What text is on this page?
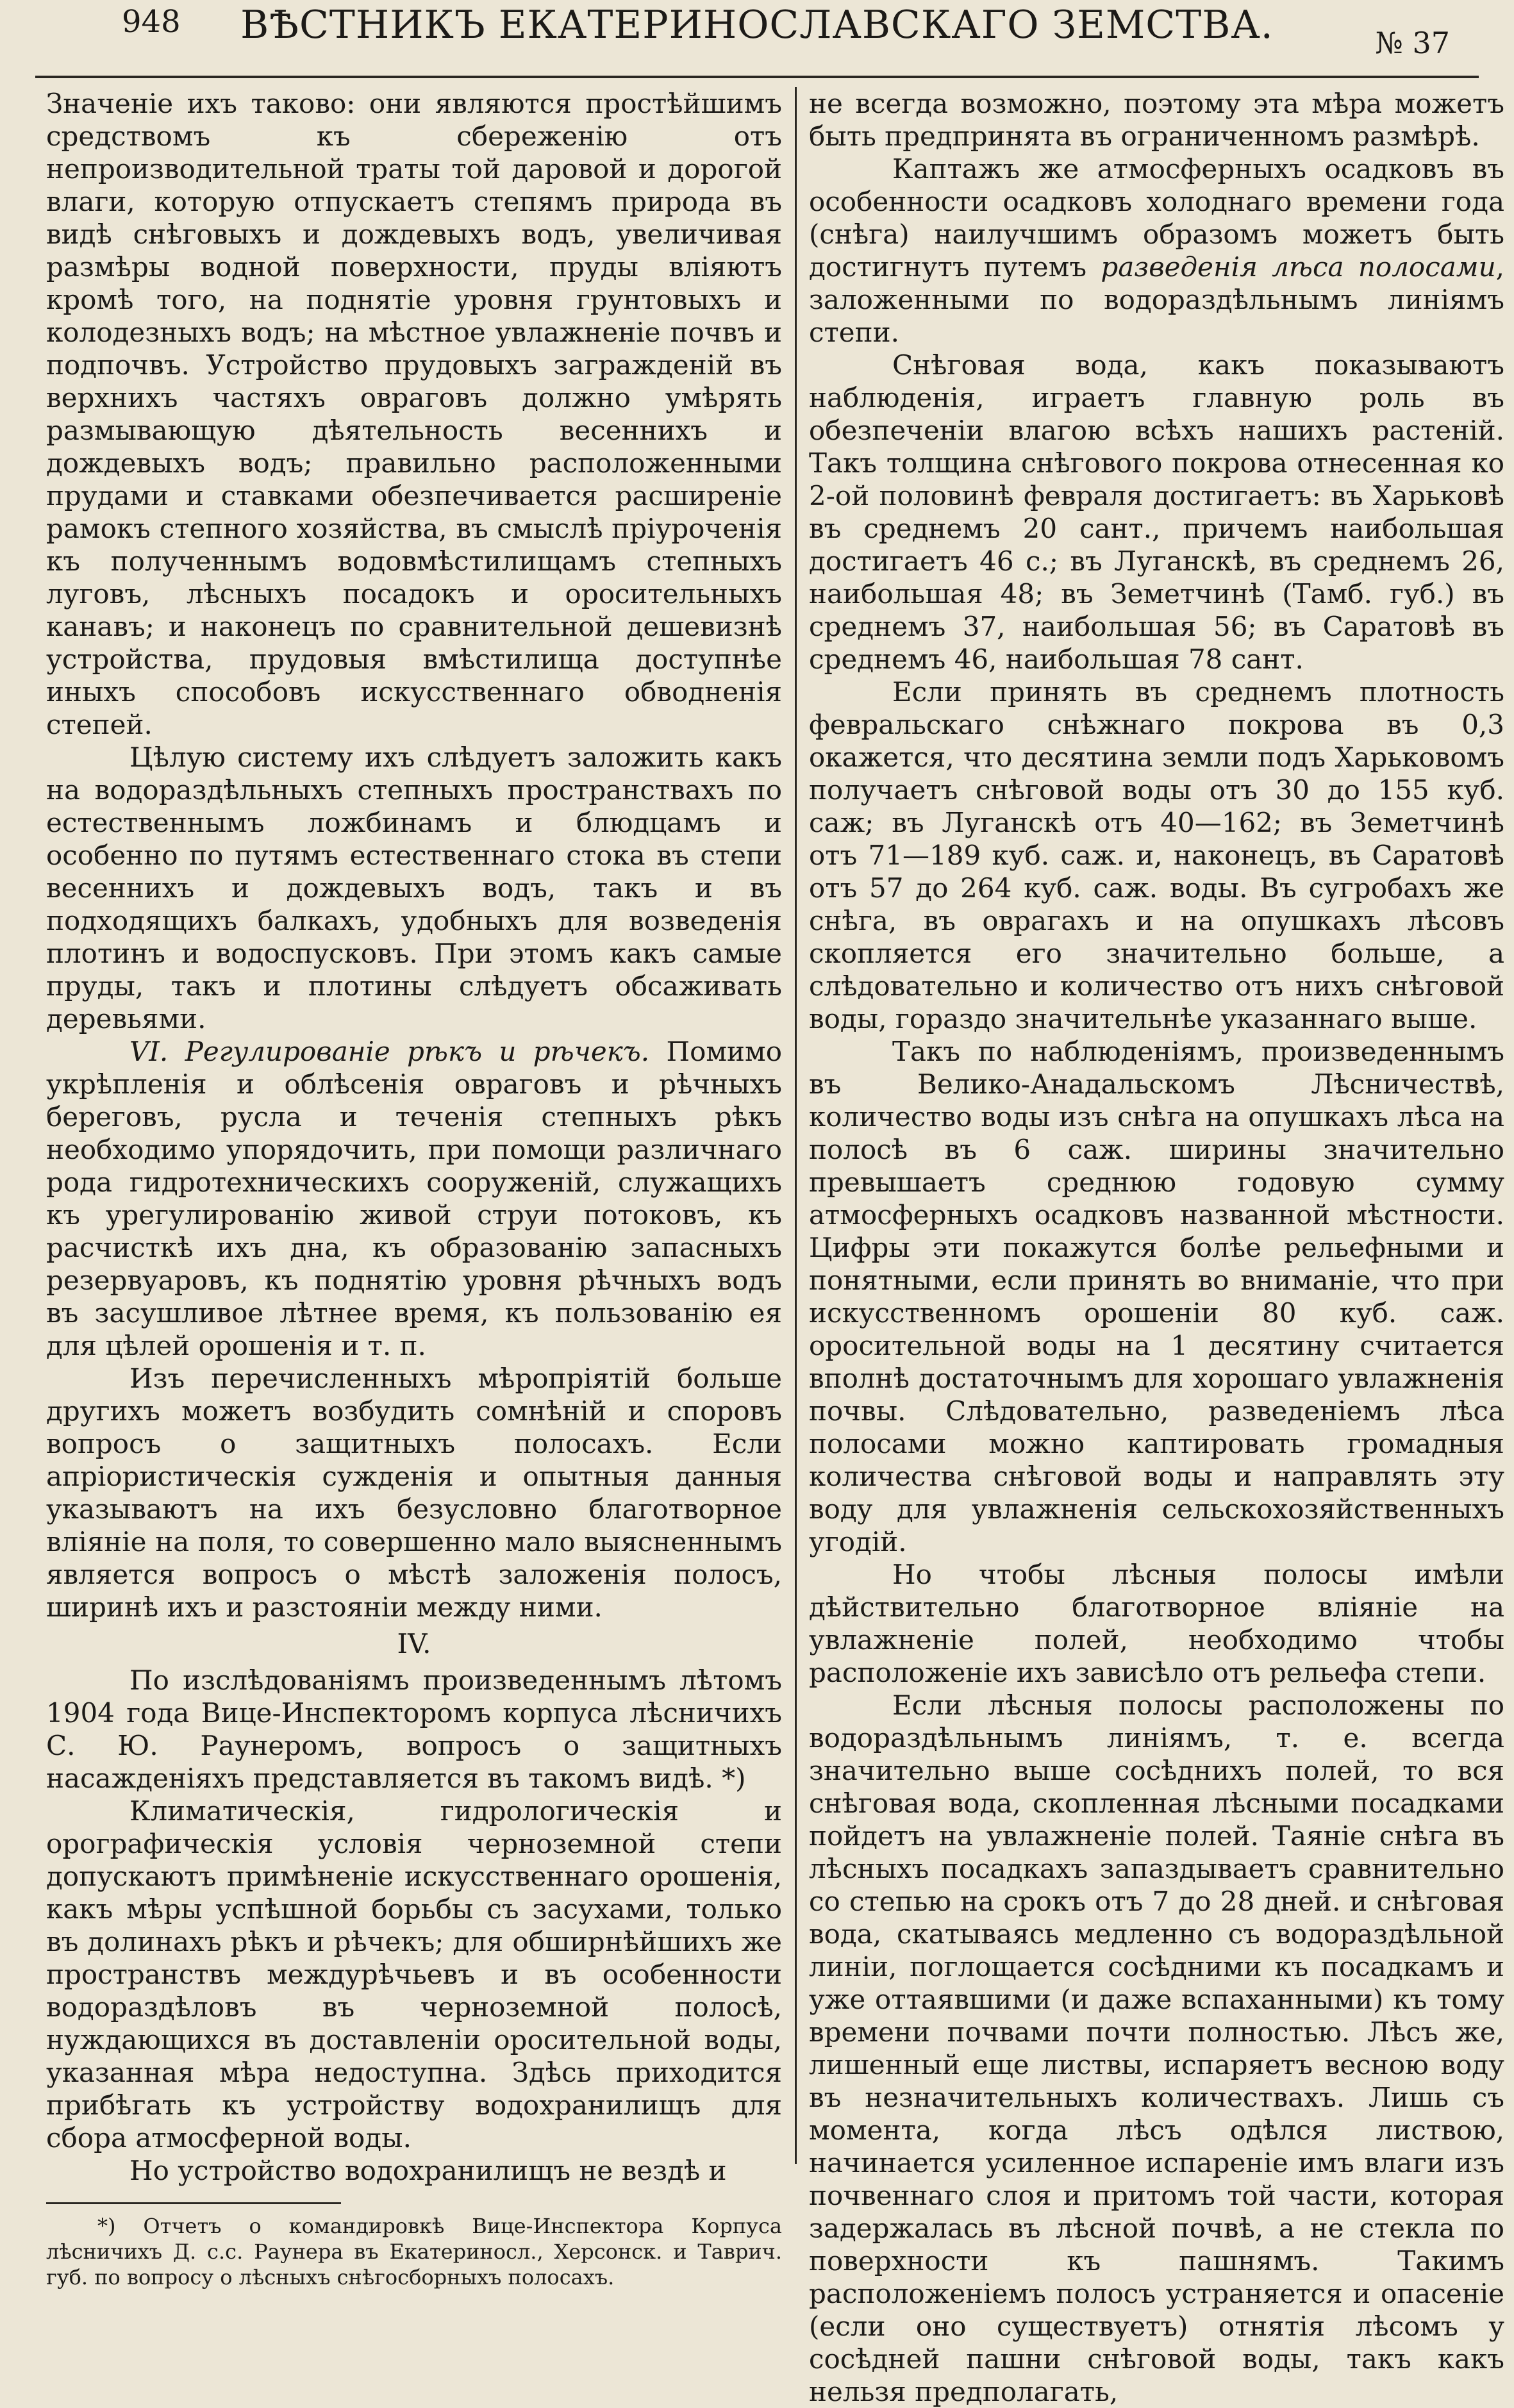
948	ВѢСТНИКЪ ЕКАТЕРИНОСЛАВСКАГО ЗЕМСТВА.	№ 37

Значенiе ихъ таково: они являются простѣйшимъ средствомъ къ сбереженiю отъ непроизводительной траты той даровой и дорогой влаги, которую отпускаетъ степямъ природа въ видѣ снѣговыхъ и дождевыхъ водъ, увеличивая размѣры водной поверхности, пруды влiяютъ кромѣ того, на поднятiе уровня грунтовыхъ и колодезныхъ водъ; на мѣстное увлажненiе почвъ и подпочвъ. Устройство прудовыхъ загражденiй въ верхнихъ частяхъ овраговъ должно умѣрять размывающую дѣятельность весеннихъ и дождевыхъ водъ; правильно расположенными прудами и ставками обезпечивается расширенiе рамокъ степного хозяйства, въ смыслѣ прiуроченiя къ полученнымъ водовмѣстилищамъ степныхъ луговъ, лѣсныхъ посадокъ и оросительныхъ канавъ; и наконецъ по сравнительной дешевизнѣ устройства, прудовыя вмѣстилища доступнѣе иныхъ способовъ искусственнаго обводненiя степей.

Цѣлую систему ихъ слѣдуетъ заложить какъ на водораздѣльныхъ степныхъ пространствахъ по естественнымъ ложбинамъ и блюдцамъ и особенно по путямъ естественнаго стока въ степи весеннихъ и дождевыхъ водъ, такъ и въ подходящихъ балкахъ, удобныхъ для возведенiя плотинъ и водоспусковъ. При этомъ какъ самые пруды, такъ и плотины слѣдуетъ обсаживать деревьями.

VI. Регулированiе рѣкъ и рѣчекъ. Помимо укрѣпленiя и облѣсенiя овраговъ и рѣчныхъ береговъ, русла и теченiя степныхъ рѣкъ необходимо упорядочить, при помощи различнаго рода гидротехническихъ сооруженiй, служащихъ къ урегулированiю живой струи потоковъ, къ расчисткѣ ихъ дна, къ образованiю запасныхъ резервуаровъ, къ поднятiю уровня рѣчныхъ водъ въ засушливое лѣтнее время, къ пользованiю ея для цѣлей орошенiя и т. п.

Изъ перечисленныхъ мѣропрiятiй больше другихъ можетъ возбудить сомнѣнiй и споровъ вопросъ о защитныхъ полосахъ. Если апрiористическiя сужденiя и опытныя данныя указываютъ на ихъ безусловно благотворное влiянiе на поля, то совершенно мало выясненнымъ является вопросъ о мѣстѣ заложенiя полосъ, ширинѣ ихъ и разстоянiи между ними.

IV.

По изслѣдованiямъ произведеннымъ лѣтомъ 1904 года Вице-Инспекторомъ корпуса лѣсничихъ С. Ю. Раунеромъ, вопросъ о защитныхъ насажденiяхъ представляется въ такомъ видѣ. *)

Климатическiя, гидрологическiя и орографическiя условiя черноземной степи допускаютъ примѣненiе искусственнаго орошенiя, какъ мѣры успѣшной борьбы съ засухами, только въ долинахъ рѣкъ и рѣчекъ; для обширнѣйшихъ же пространствъ междурѣчьевъ и въ особенности водораздѣловъ въ черноземной полосѣ, нуждающихся въ доставленiи оросительной воды, указанная мѣра недоступна. Здѣсь приходится прибѣгать къ устройству водохранилищъ для сбора атмосферной воды.

Но устройство водохранилищъ не вездѣ и

*) Отчетъ о командировкѣ Вице-Инспектора Корпуса лѣсничихъ Д. с.с. Раунера въ Екатериносл., Херсонск. и Таврич. губ. по вопросу о лѣсныхъ снѣгосборныхъ полосахъ.

не всегда возможно, поэтому эта мѣра можетъ быть предпринята въ ограниченномъ размѣрѣ.

Каптажъ же атмосферныхъ осадковъ въ особенности осадковъ холоднаго времени года (снѣга) наилучшимъ образомъ можетъ быть достигнутъ путемъ разведенiя лѣса полосами, заложенными по водораздѣльнымъ линiямъ степи.

Снѣговая вода, какъ показываютъ наблюденiя, играетъ главную роль въ обезпеченiи влагою всѣхъ нашихъ растенiй. Такъ толщина снѣгового покрова отнесенная ко 2-ой половинѣ февраля достигаетъ: въ Харьковѣ въ среднемъ 20 сант., причемъ наибольшая достигаетъ 46 с.; въ Луганскѣ, въ среднемъ 26, наибольшая 48; въ Земетчинѣ (Тамб. губ.) въ среднемъ 37, наибольшая 56; въ Саратовѣ въ среднемъ 46, наибольшая 78 сант.

Если принять въ среднемъ плотность февральскаго снѣжнаго покрова въ 0,3 окажется, что десятина земли подъ Харьковомъ получаетъ снѣговой воды отъ 30 до 155 куб. саж; въ Луганскѣ отъ 40—162; въ Земетчинѣ отъ 71—189 куб. саж. и, наконецъ, въ Саратовѣ отъ 57 до 264 куб. саж. воды. Въ сугробахъ же снѣга, въ оврагахъ и на опушкахъ лѣсовъ скопляется его значительно больше, а слѣдовательно и количество отъ нихъ снѣговой воды, гораздо значительнѣе указаннаго выше.

Такъ по наблюденiямъ, произведеннымъ въ Велико-Анадальскомъ Лѣсничествѣ, количество воды изъ снѣга на опушкахъ лѣса на полосѣ въ 6 саж. ширины значительно превышаетъ среднюю годовую сумму атмосферныхъ осадковъ названной мѣстности. Цифры эти покажутся болѣе рельефными и понятными, если принять во вниманiе, что при искусственномъ орошенiи 80 куб. саж. оросительной воды на 1 десятину считается вполнѣ достаточнымъ для хорошаго увлажненiя почвы. Слѣдовательно, разведенiемъ лѣса полосами можно каптировать громадныя количества снѣговой воды и направлять эту воду для увлажненiя сельскохозяйственныхъ угодiй.

Но чтобы лѣсныя полосы имѣли дѣйствительно благотворное влiянiе на увлажненiе полей, необходимо чтобы расположенiе ихъ зависѣло отъ рельефа степи.

Если лѣсныя полосы расположены по водораздѣльнымъ линiямъ, т. е. всегда значительно выше сосѣднихъ полей, то вся снѣговая вода, скопленная лѣсными посадками пойдетъ на увлажненiе полей. Таянiе снѣга въ лѣсныхъ посадкахъ запаздываетъ сравнительно со степью на срокъ отъ 7 до 28 дней. и снѣговая вода, скатываясь медленно съ водораздѣльной линiи, поглощается сосѣдними къ посадкамъ и уже оттаявшими (и даже вспаханными) къ тому времени почвами почти полностью. Лѣсъ же, лишенный еще листвы, испаряетъ весною воду въ незначительныхъ количествахъ. Лишь съ момента, когда лѣсъ одѣлся листвою, начинается усиленное испаренiе имъ влаги изъ почвеннаго слоя и притомъ той части, которая задержалась въ лѣсной почвѣ, а не стекла по поверхности къ пашнямъ. Такимъ расположенiемъ полосъ устраняется и опасенiе (если оно существуетъ) отнятiя лѣсомъ у сосѣдней пашни снѣговой воды, такъ какъ нельзя предполагать,
